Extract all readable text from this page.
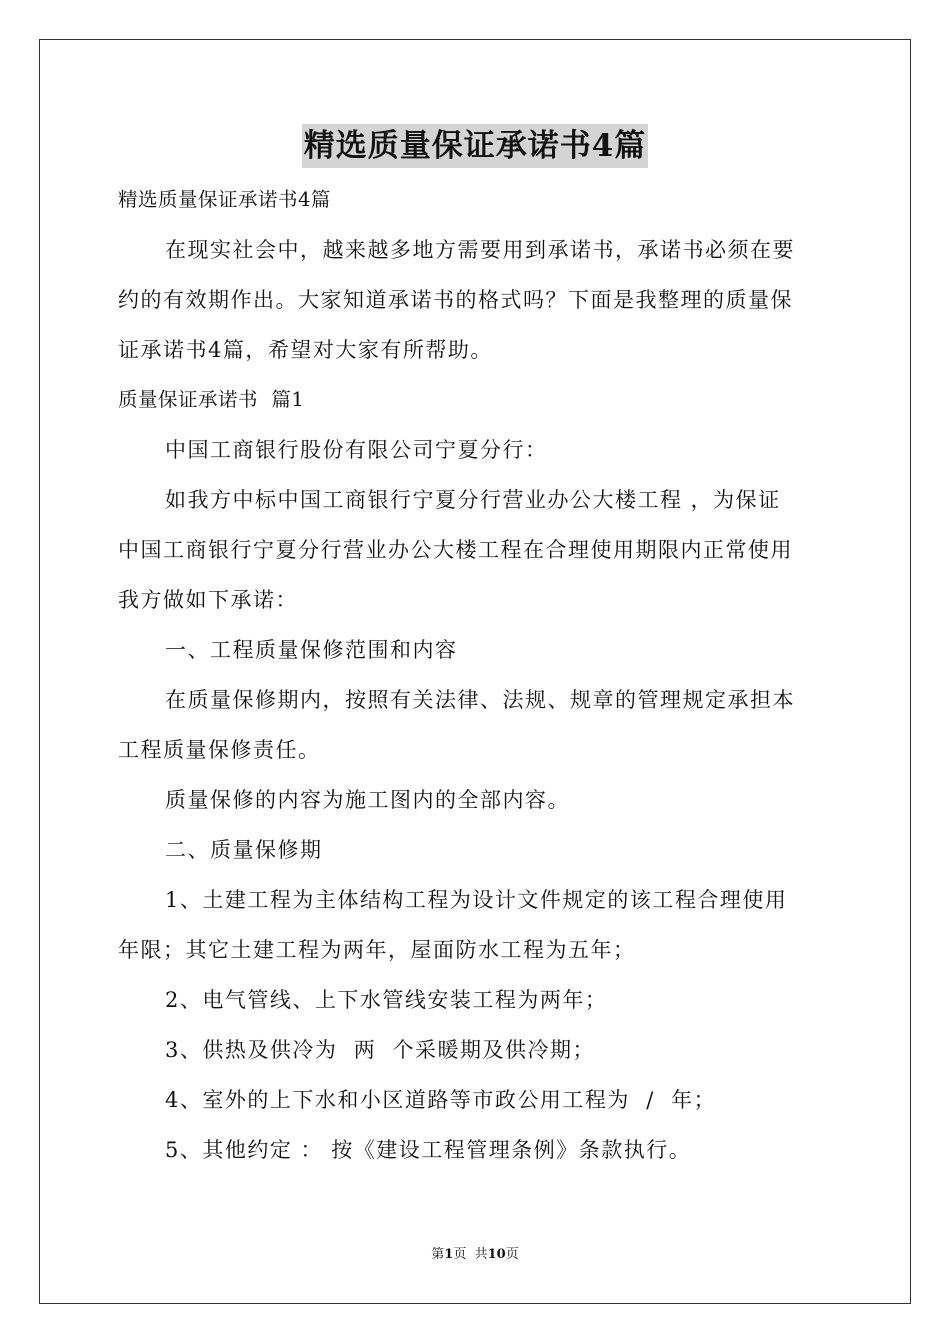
精选质量保证承诺书4篇
精选质量保证承诺书4篇
在现实社会中，越来越多地方需要用到承诺书，承诺书必须在要
约的有效期作出。大家知道承诺书的格式吗？下面是我整理的质量保
证承诺书4篇，希望对大家有所帮助。
质量保证承诺书  篇1
中国工商银行股份有限公司宁夏分行：
如我方中标中国工商银行宁夏分行营业办公大楼工程 ，为保证
中国工商银行宁夏分行营业办公大楼工程在合理使用期限内正常使用
我方做如下承诺：
一、工程质量保修范围和内容
在质量保修期内，按照有关法律、法规、规章的管理规定承担本
工程质量保修责任。
质量保修的内容为施工图内的全部内容。
二、质量保修期
1、土建工程为主体结构工程为设计文件规定的该工程合理使用
年限；其它土建工程为两年，屋面防水工程为五年；
2、电气管线、上下水管线安装工程为两年；
3、供热及供冷为  两  个采暖期及供冷期；
4、室外的上下水和小区道路等市政公用工程为  /  年；
5、其他约定 ： 按《建设工程管理条例》条款执行。
第1页  共10页
